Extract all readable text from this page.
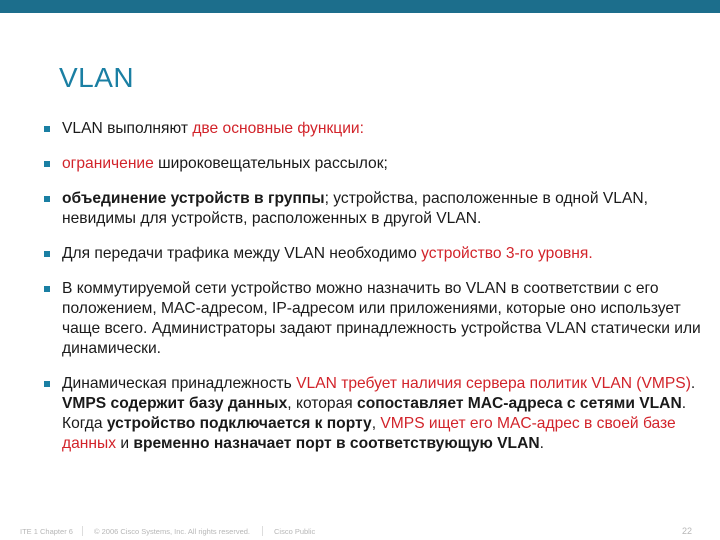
VLAN
VLAN выполняют две основные функции:
ограничение широковещательных рассылок;
объединение устройств в группы; устройства, расположенные в одной VLAN, невидимы для устройств, расположенных в другой VLAN.
Для передачи трафика между VLAN необходимо устройство 3-го уровня.
В коммутируемой сети устройство можно назначить во VLAN в соответствии с его положением, MAC-адресом, IP-адресом или приложениями, которые оно использует чаще всего. Администраторы задают принадлежность устройства VLAN статически или динамически.
Динамическая принадлежность VLAN требует наличия сервера политик VLAN (VMPS). VMPS содержит базу данных, которая сопоставляет MAC-адреса с сетями VLAN. Когда устройство подключается к порту, VMPS ищет его MAC-адрес в своей базе данных и временно назначает порт в соответствующую VLAN.
ITE 1 Chapter 6	© 2006 Cisco Systems, Inc. All rights reserved.	Cisco Public	22
